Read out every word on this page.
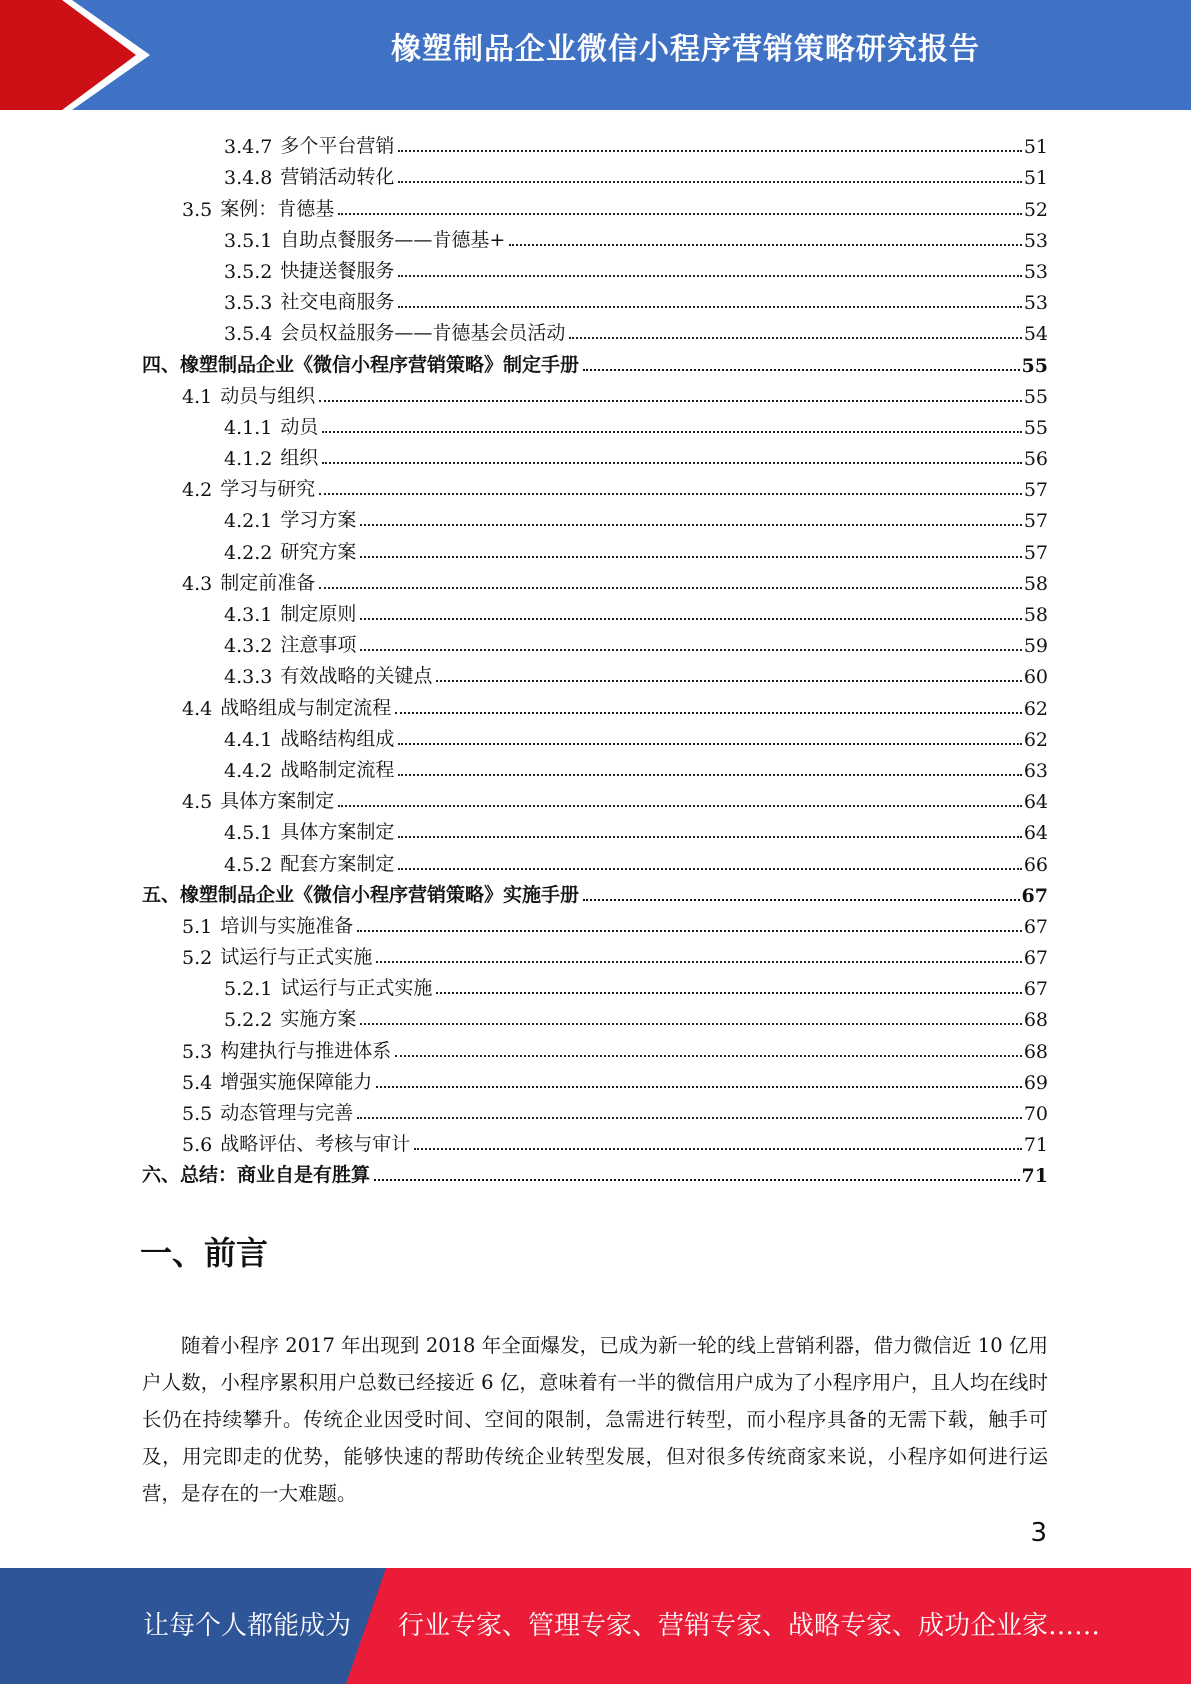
橡塑制品企业微信小程序营销策略研究报告
3.4.7 多个平台营销	51
3.4.8 营销活动转化	51
3.5 案例：肯德基	52
3.5.1 自助点餐服务——肯德基+	53
3.5.2 快捷送餐服务	53
3.5.3 社交电商服务	53
3.5.4 会员权益服务——肯德基会员活动	54
四、橡塑制品企业《微信小程序营销策略》制定手册	55
4.1 动员与组织	55
4.1.1 动员	55
4.1.2 组织	56
4.2 学习与研究	57
4.2.1 学习方案	57
4.2.2 研究方案	57
4.3 制定前准备	58
4.3.1 制定原则	58
4.3.2 注意事项	59
4.3.3 有效战略的关键点	60
4.4 战略组成与制定流程	62
4.4.1 战略结构组成	62
4.4.2 战略制定流程	63
4.5 具体方案制定	64
4.5.1 具体方案制定	64
4.5.2 配套方案制定	66
五、橡塑制品企业《微信小程序营销策略》实施手册	67
5.1 培训与实施准备	67
5.2 试运行与正式实施	67
5.2.1 试运行与正式实施	67
5.2.2 实施方案	68
5.3 构建执行与推进体系	68
5.4 增强实施保障能力	69
5.5 动态管理与完善	70
5.6 战略评估、考核与审计	71
六、总结：商业自是有胜算	71
一、前言
随着小程序 2017 年出现到 2018 年全面爆发，已成为新一轮的线上营销利器，借力微信近 10 亿用户人数，小程序累积用户总数已经接近 6 亿，意味着有一半的微信用户成为了小程序用户，且人均在线时长仍在持续攀升。传统企业因受时间、空间的限制，急需进行转型，而小程序具备的无需下载，触手可及，用完即走的优势，能够快速的帮助传统企业转型发展，但对很多传统商家来说，小程序如何进行运营，是存在的一大难题。
3
让每个人都能成为 行业专家、管理专家、营销专家、战略专家、成功企业家……
